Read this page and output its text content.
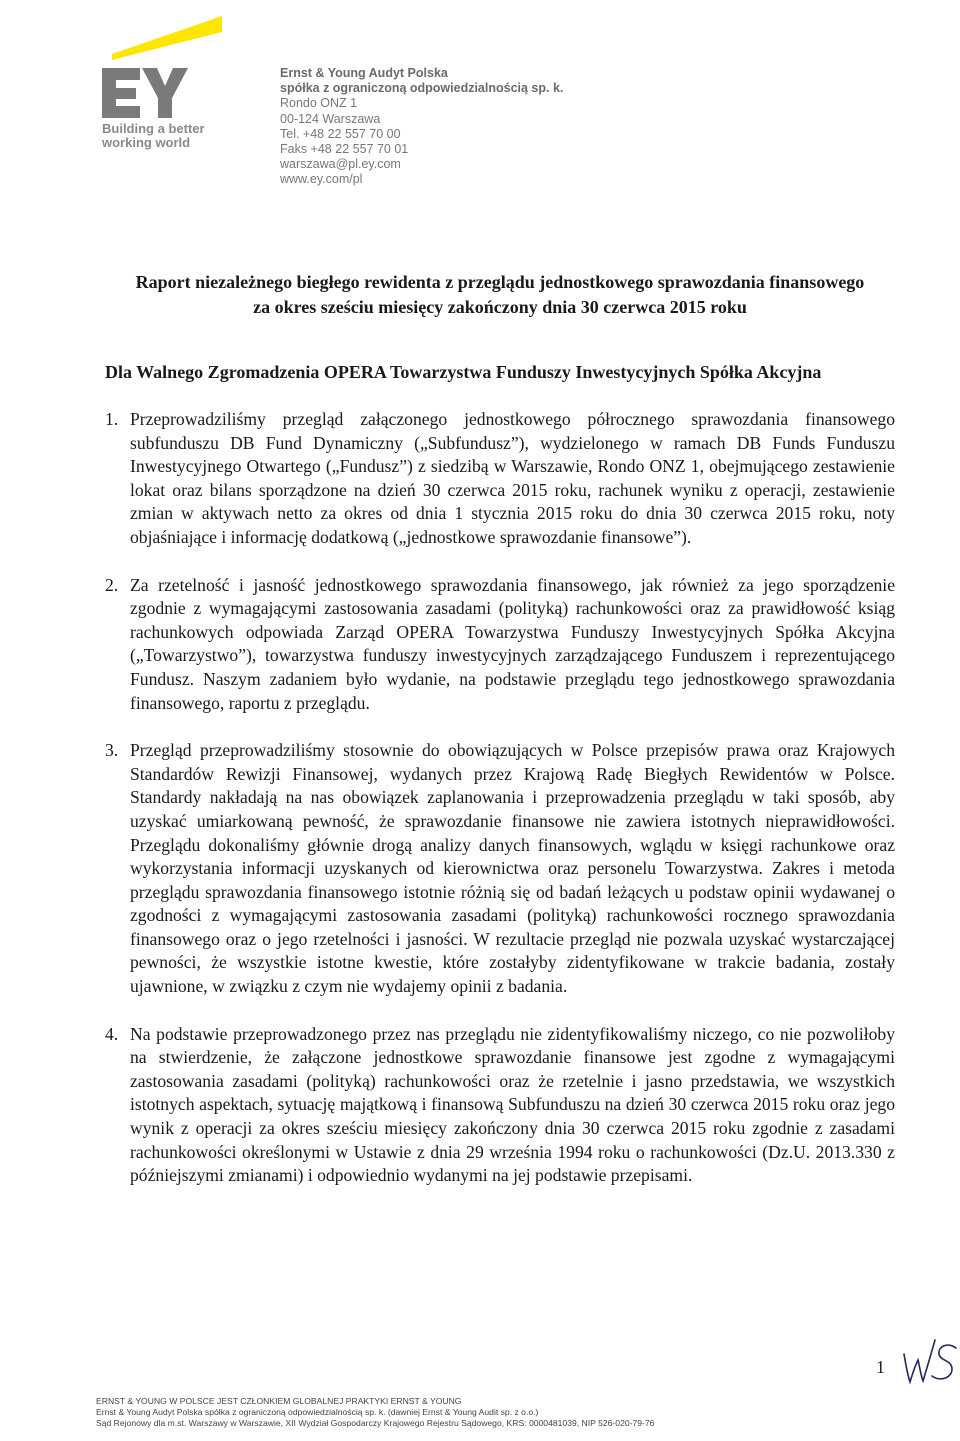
Building a better
working world
Ernst & Young Audyt Polska
spółka z ograniczoną odpowiedzialnością sp. k.
Rondo ONZ 1
00-124 Warszawa
Tel. +48 22 557 70 00
Faks +48 22 557 70 01
warszawa@pl.ey.com
www.ey.com/pl
Raport niezależnego biegłego rewidenta z przeglądu jednostkowego sprawozdania finansowego
za okres sześciu miesięcy zakończony dnia 30 czerwca 2015 roku
Dla Walnego Zgromadzenia OPERA Towarzystwa Funduszy Inwestycyjnych Spółka Akcyjna
1. Przeprowadziliśmy przegląd załączonego jednostkowego półrocznego sprawozdania finansowego subfunduszu DB Fund Dynamiczny („Subfundusz”), wydzielonego w ramach DB Funds Funduszu Inwestycyjnego Otwartego („Fundusz”) z siedzibą w Warszawie, Rondo ONZ 1, obejmującego zestawienie lokat oraz bilans sporządzone na dzień 30 czerwca 2015 roku, rachunek wyniku z operacji, zestawienie zmian w aktywach netto za okres od dnia 1 stycznia 2015 roku do dnia 30 czerwca 2015 roku, noty objaśniające i informację dodatkową („jednostkowe sprawozdanie finansowe”).
2. Za rzetelność i jasność jednostkowego sprawozdania finansowego, jak również za jego sporządzenie zgodnie z wymagającymi zastosowania zasadami (polityką) rachunkowości oraz za prawidłowość ksiąg rachunkowych odpowiada Zarząd OPERA Towarzystwa Funduszy Inwestycyjnych Spółka Akcyjna („Towarzystwo”), towarzystwa funduszy inwestycyjnych zarządzającego Funduszem i reprezentującego Fundusz. Naszym zadaniem było wydanie, na podstawie przeglądu tego jednostkowego sprawozdania finansowego, raportu z przeglądu.
3. Przegląd przeprowadziliśmy stosownie do obowiązujących w Polsce przepisów prawa oraz Krajowych Standardów Rewizji Finansowej, wydanych przez Krajową Radę Biegłych Rewidentów w Polsce. Standardy nakładają na nas obowiązek zaplanowania i przeprowadzenia przeglądu w taki sposób, aby uzyskać umiarkowaną pewność, że sprawozdanie finansowe nie zawiera istotnych nieprawidłowości. Przeglądu dokonaliśmy głównie drogą analizy danych finansowych, wglądu w księgi rachunkowe oraz wykorzystania informacji uzyskanych od kierownictwa oraz personelu Towarzystwa. Zakres i metoda przeglądu sprawozdania finansowego istotnie różnią się od badań leżących u podstaw opinii wydawanej o zgodności z wymagającymi zastosowania zasadami (polityką) rachunkowości rocznego sprawozdania finansowego oraz o jego rzetelności i jasności. W rezultacie przegląd nie pozwala uzyskać wystarczającej pewności, że wszystkie istotne kwestie, które zostałyby zidentyfikowane w trakcie badania, zostały ujawnione, w związku z czym nie wydajemy opinii z badania.
4. Na podstawie przeprowadzonego przez nas przeglądu nie zidentyfikowaliśmy niczego, co nie pozwoliłoby na stwierdzenie, że załączone jednostkowe sprawozdanie finansowe jest zgodne z wymagającymi zastosowania zasadami (polityką) rachunkowości oraz że rzetelnie i jasno przedstawia, we wszystkich istotnych aspektach, sytuację majątkową i finansową Subfunduszu na dzień 30 czerwca 2015 roku oraz jego wynik z operacji za okres sześciu miesięcy zakończony dnia 30 czerwca 2015 roku zgodnie z zasadami rachunkowości określonymi w Ustawie z dnia 29 września 1994 roku o rachunkowości (Dz.U. 2013.330 z późniejszymi zmianami) i odpowiednio wydanymi na jej podstawie przepisami.
1
ERNST & YOUNG W POLSCE JEST CZŁONKIEM GLOBALNEJ PRAKTYKI ERNST & YOUNG
Ernst & Young Audyt Polska spółka z ograniczoną odpowiedzialnością sp. k. (dawniej Ernst & Young Audit sp. z o.o.)
Sąd Rejonowy dla m.st. Warszawy w Warszawie, XII Wydział Gospodarczy Krajowego Rejestru Sądowego, KRS: 0000481039, NIP 526-020-79-76
